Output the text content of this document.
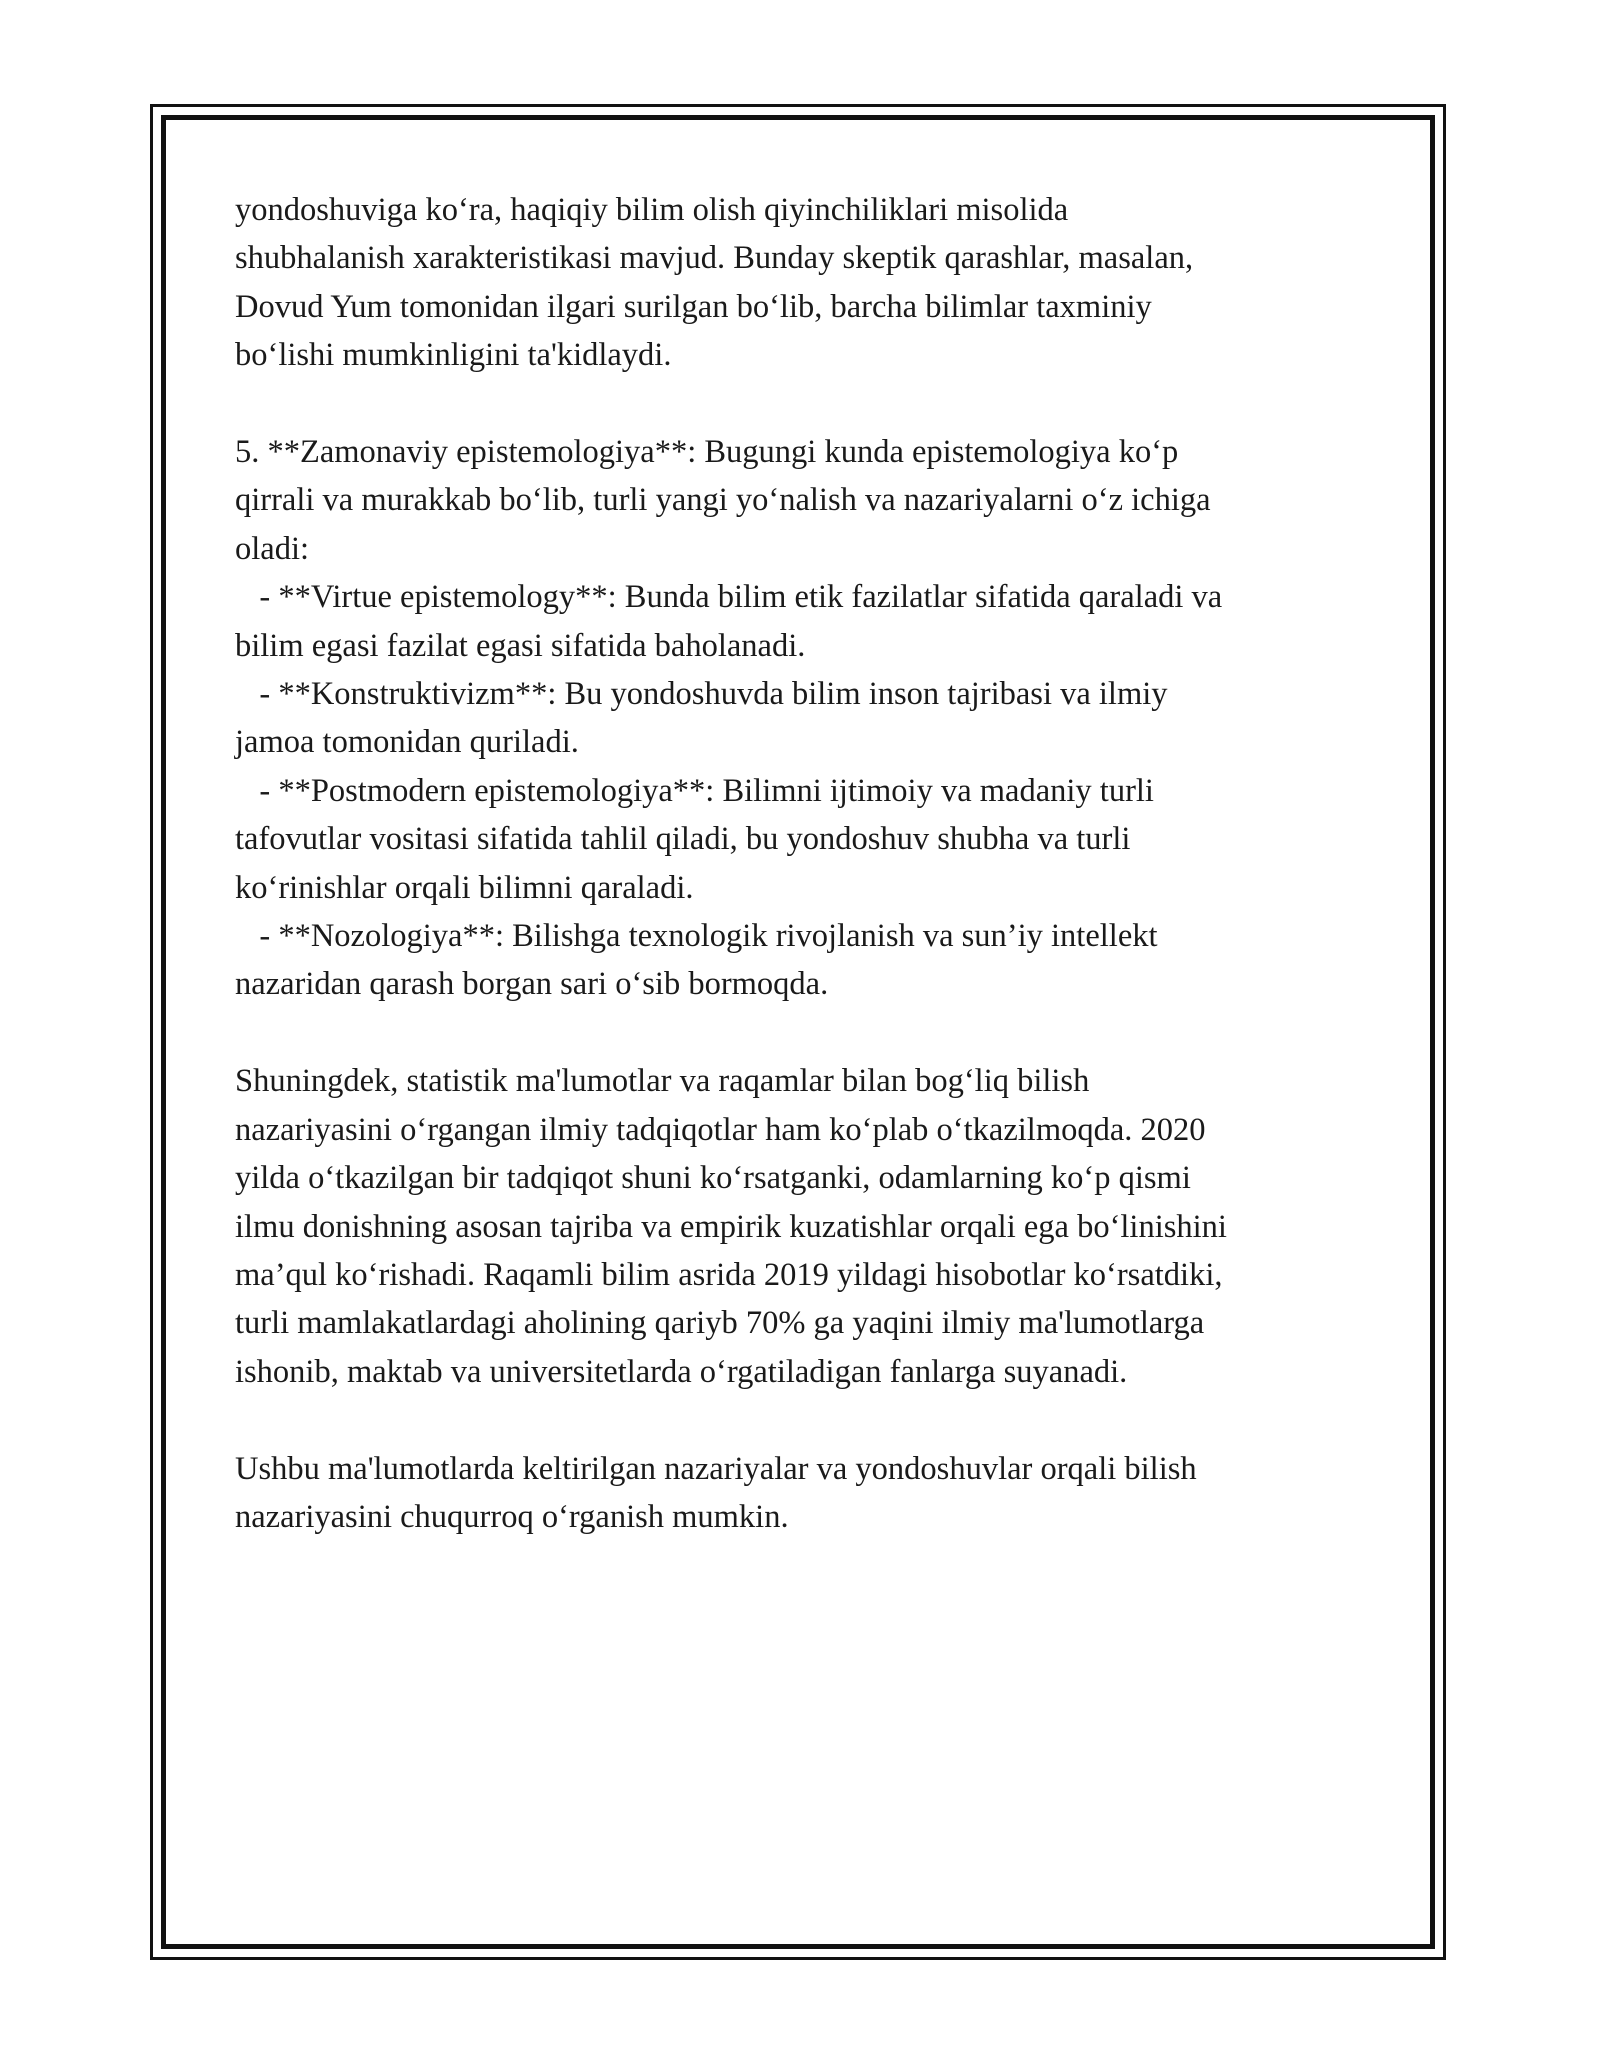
yondoshuviga ko‘ra, haqiqiy bilim olish qiyinchiliklari misolida
shubhalanish xarakteristikasi mavjud. Bunday skeptik qarashlar, masalan,
Dovud Yum tomonidan ilgari surilgan bo‘lib, barcha bilimlar taxminiy
bo‘lishi mumkinligini ta'kidlaydi.
5. **Zamonaviy epistemologiya**: Bugungi kunda epistemologiya ko‘p
qirrali va murakkab bo‘lib, turli yangi yo‘nalish va nazariyalarni o‘z ichiga
oladi:
- **Virtue epistemology**: Bunda bilim etik fazilatlar sifatida qaraladi va
bilim egasi fazilat egasi sifatida baholanadi.
- **Konstruktivizm**: Bu yondoshuvda bilim inson tajribasi va ilmiy
jamoa tomonidan quriladi.
- **Postmodern epistemologiya**: Bilimni ijtimoiy va madaniy turli
tafovutlar vositasi sifatida tahlil qiladi, bu yondoshuv shubha va turli
ko‘rinishlar orqali bilimni qaraladi.
- **Nozologiya**: Bilishga texnologik rivojlanish va sun’iy intellekt
nazaridan qarash borgan sari o‘sib bormoqda.
Shuningdek, statistik ma'lumotlar va raqamlar bilan bog‘liq bilish
nazariyasini o‘rgangan ilmiy tadqiqotlar ham ko‘plab o‘tkazilmoqda. 2020
yilda o‘tkazilgan bir tadqiqot shuni ko‘rsatganki, odamlarning ko‘p qismi
ilmu donishning asosan tajriba va empirik kuzatishlar orqali ega bo‘linishini
ma’qul ko‘rishadi. Raqamli bilim asrida 2019 yildagi hisobotlar ko‘rsatdiki,
turli mamlakatlardagi aholining qariyb 70% ga yaqini ilmiy ma'lumotlarga
ishonib, maktab va universitetlarda o‘rgatiladigan fanlarga suyanadi.
Ushbu ma'lumotlarda keltirilgan nazariyalar va yondoshuvlar orqali bilish
nazariyasini chuqurroq o‘rganish mumkin.
